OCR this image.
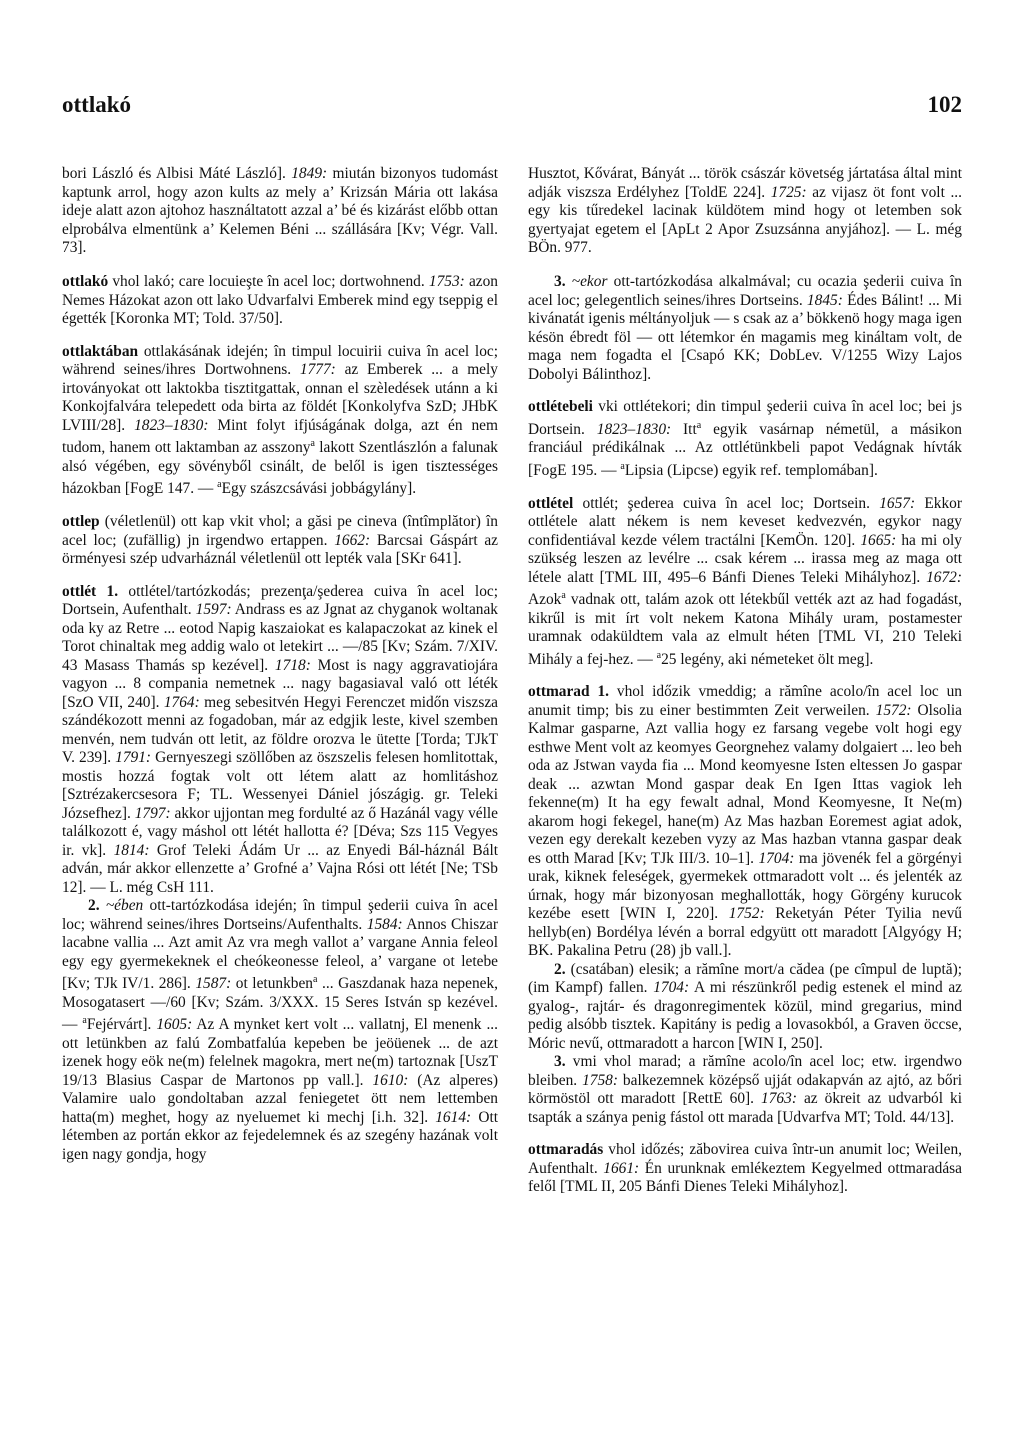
ottlakó	102

bori László és Albisi Máté László]. 1849: miután bizonyos tudomást kaptunk arrol, hogy azon kults az mely a’ Krizsán Mária ott lakása ideje alatt azon ajtohoz használtatott azzal a’ bé és kizárást előbb ottan elprobálva elmentünk a’ Kelemen Béni ... szállására [Kv; Végr. Vall. 73].

ottlakó vhol lakó; care locuieşte în acel loc; dortwohnend. 1753: azon Nemes Házokat azon ott lako Udvarfalvi Emberek mind egy tseppig el égették [Koronka MT; Told. 37/50].

ottlaktában ottlakásának idején; în timpul locuirii cuiva în acel loc; während seines/ihres Dortwohnens. 1777: az Emberek ... a mely irtoványokat ott laktokba tisztitgattak, onnan el szèledések utánn a ki Konkojfalvára telepedett oda birta az földét [Konkolyfva SzD; JHbK LVIII/28]. 1823–1830: Mint folyt ifjúságának dolga, azt én nem tudom, hanem ott laktamban az asszony$^a$ lakott Szentlászlón a falunak alsó végében, egy sövényből csinált, de belől is igen tisztességes házokban [FogE 147. — $^a$Egy szászcsávási jobbágylány].

ottlep (véletlenül) ott kap vkit vhol; a găsi pe cineva (întîmplător) în acel loc; (zufällig) jn irgendwo ertappen. 1662: Barcsai Gáspárt az örményesi szép udvarháznál véletlenül ott lepték vala [SKr 641].

ottlét 1. ottlétel/tartózkodás; prezenţa/şederea cuiva în acel loc; Dortsein, Aufenthalt. 1597: Andrass es az Jgnat az chyganok woltanak oda ky az Retre ... eotod Napig kaszaiokat es kalapaczokat az kinek el Torot chinaltak meg addig walo ot letekirt ... —/85 [Kv; Szám. 7/XIV. 43 Masass Thamás sp kezével]. 1718: Most is nagy aggravatiojára vagyon ... 8 compania nemetnek ... nagy bagasiaval való ott léték [SzO VII, 240]. 1764: meg sebesitvén Hegyi Ferenczet midőn viszsza szándékozott menni az fogadoban, már az edgjik leste, kivel szemben menvén, nem tudván ott letit, az földre orozva le ütette [Torda; TJkT V. 239]. 1791: Gernyeszegi szöllőben az öszszelis felesen homlitottak, mostis hozzá fogtak volt ott létem alatt az homlitáshoz [Sztrézakercsesora F; TL. Wessenyei Dániel jószágig. gr. Teleki Józsefhez]. 1797: akkor ujjontan meg fordulté az ő Hazánál vagy vélle találkozott é, vagy máshol ott létét hallotta é? [Déva; Szs 115 Vegyes ir. vk]. 1814: Grof Teleki Ádám Ur ... az Enyedi Bál-háznál Bált adván, már akkor ellenzette a’ Grofné a’ Vajna Rósi ott létét [Ne; TSb 12]. — L. még CsH 111.

2. ~ében ott-tartózkodása idején; în timpul şederii cuiva în acel loc; während seines/ihres Dortseins/Aufenthalts. 1584: Annos Chiszar lacabne vallia ... Azt amit Az vra megh vallot a’ vargane Annia feleol egy egy gyermekeknek el cheókeonesse feleol, a’ vargane ot letebe [Kv; TJk IV/1. 286]. 1587: ot letunkben$^a$ ... Gaszdanak haza nepenek, Mosogatasert —/60 [Kv; Szám. 3/XXX. 15 Seres István sp kezével. — $^a$Fejérvárt]. 1605: Az A mynket kert volt ... vallatnj, El menenk ... ott letünkben az falú Zombatfalúa kepeben be jeöüenek ... de azt izenek hogy eök ne(m) felelnek magokra, mert ne(m) tartoznak [UszT 19/13 Blasius Caspar de Martonos pp vall.]. 1610: (Az alperes) Valamire ualo gondoltaban azzal feniegetet ött nem lettemben hatta(m) meghet, hogy az nyeluemet ki mechj [i.h. 32]. 1614: Ott létemben az portán ekkor az fejedelemnek és az szegény hazának volt igen nagy gondja, hogy

Husztot, Kővárat, Bányát ... török császár követség jártatása által mint adják viszsza Erdélyhez [ToldE 224]. 1725: az vijasz öt font volt ... egy kis tűredekel lacinak küldötem mind hogy ot letemben sok gyertyajat egetem el [ApLt 2 Apor Zsuzsánna anyjához]. — L. még BÖn. 977.

3. ~ekor ott-tartózkodása alkalmával; cu ocazia şederii cuiva în acel loc; gelegentlich seines/ihres Dortseins. 1845: Édes Bálint! ... Mi kivánatát igenis méltányoljuk — s csak az a’ bökkenö hogy maga igen késön ébredt föl — ott létemkor én magamis meg kináltam volt, de maga nem fogadta el [Csapó KK; DobLev. V/1255 Wizy Lajos Dobolyi Bálinthoz].

ottlétebeli vki ottlétekori; din timpul şederii cuiva în acel loc; bei js Dortsein. 1823–1830: Itt$^a$ egyik vasárnap németül, a másikon franciául prédikálnak ... Az ottlétünkbeli papot Vedágnak hívták [FogE 195. — $^a$Lipsia (Lipcse) egyik ref. templomában].

ottlétel ottlét; şederea cuiva în acel loc; Dortsein. 1657: Ekkor ottlétele alatt nékem is nem keveset kedvezvén, egykor nagy confidentiával kezde vélem tractálni [KemÖn. 120]. 1665: ha mi oly szükség leszen az levélre ... csak kérem ... irassa meg az maga ott létele alatt [TML III, 495–6 Bánfi Dienes Teleki Mihályhoz]. 1672: Azok$^a$ vadnak ott, talám azok ott létekbűl vették azt az had fogadást, kikrűl is mit írt volt nekem Katona Mihály uram, postamester uramnak odaküldtem vala az elmult héten [TML VI, 210 Teleki Mihály a fej-hez. — $^a$25 legény, aki németeket ölt meg].

ottmarad 1. vhol időzik vmeddig; a rămîne acolo/în acel loc un anumit timp; bis zu einer bestimmten Zeit verweilen. 1572: Olsolia Kalmar gasparne, Azt vallia hogy ez farsang vegebe volt hogi egy esthwe Ment volt az keomyes Georgnehez valamy dolgaiert ... leo beh oda az Jstwan vayda fia ... Mond keomyesne Isten eltessen Jo gaspar deak ... azwtan Mond gaspar deak En Igen Ittas vagiok leh fekenne(m) It ha egy fewalt adnal, Mond Keomyesne, It Ne(m) akarom hogi fekegel, hane(m) Az Mas hazban Eoremest agiat adok, vezen egy derekalt kezeben vyzy az Mas hazban vtanna gaspar deak es otth Marad [Kv; TJk III/3. 10–1]. 1704: ma jövenék fel a görgényi urak, kiknek feleségek, gyermekek ottmaradott volt ... és jelenték az úrnak, hogy már bizonyosan meghallották, hogy Görgény kurucok kezébe esett [WIN I, 220]. 1752: Reketyán Péter Tyilia nevű hellyb(en) Bordélya lévén a borral edgyütt ott maradott [Algyógy H; BK. Pakalina Petru (28) jb vall.].

2. (csatában) elesik; a rămîne mort/a cădea (pe cîmpul de luptă); (im Kampf) fallen. 1704: A mi részünkről pedig estenek el mind az gyalog-, rajtár- és dragonregimentek közül, mind gregarius, mind pedig alsóbb tisztek. Kapitány is pedig a lovasokból, a Graven öccse, Móric nevű, ottmaradott a harcon [WIN I, 250].

3. vmi vhol marad; a rămîne acolo/în acel loc; etw. irgendwo bleiben. 1758: balkezemnek középső ujját odakapván az ajtó, az bőri körmöstöl ott maradott [RettE 60]. 1763: az ökreit az udvarból ki tsapták a szánya penig fástol ott marada [Udvarfva MT; Told. 44/13].

ottmaradás vhol időzés; zăbovirea cuiva într-un anumit loc; Weilen, Aufenthalt. 1661: Én urunknak emlékeztem Kegyelmed ottmaradása felől [TML II, 205 Bánfi Dienes Teleki Mihályhoz].
